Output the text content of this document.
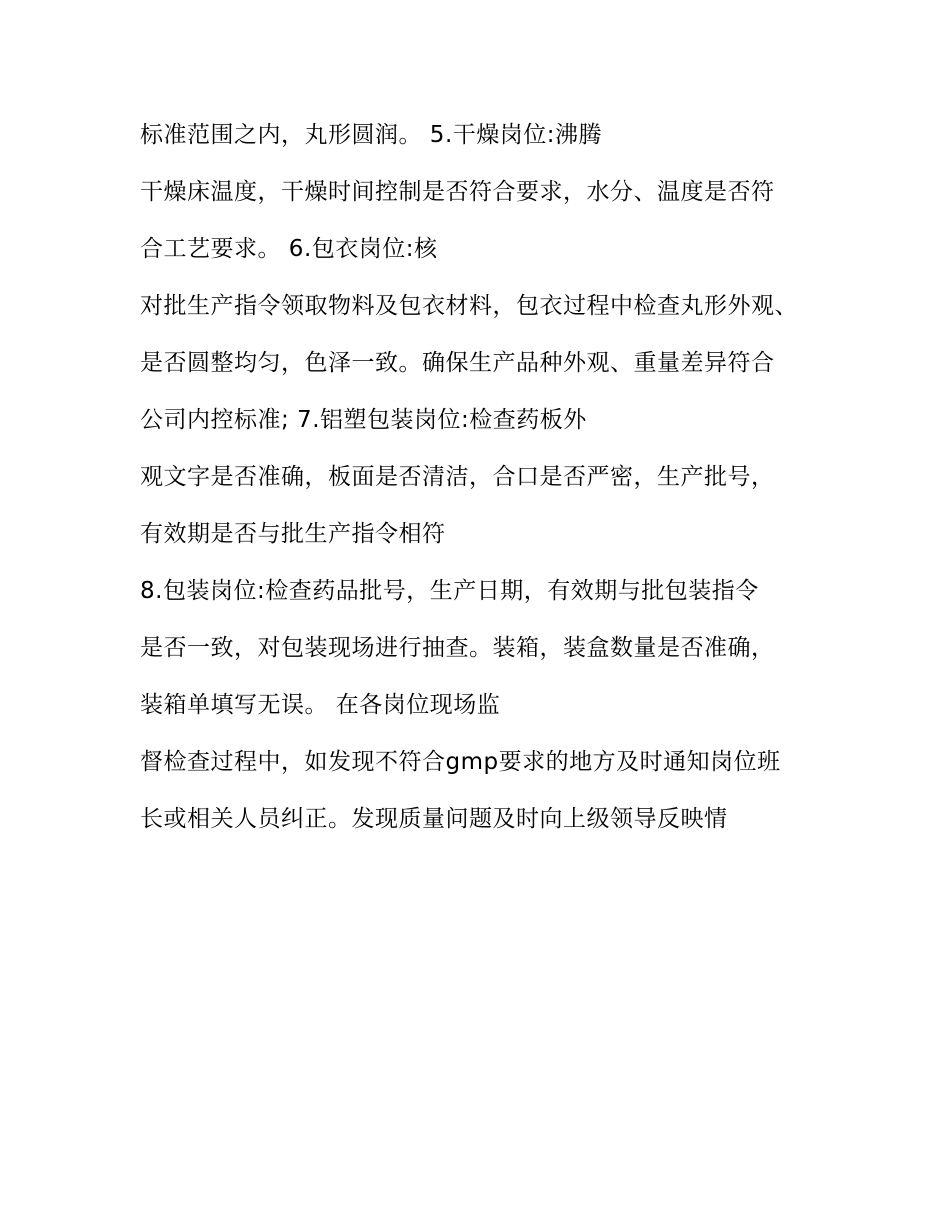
标准范围之内，丸形圆润。 5.干燥岗位:沸腾

干燥床温度，干燥时间控制是否符合要求，水分、温度是否符

合工艺要求。 6.包衣岗位:核

对批生产指令领取物料及包衣材料，包衣过程中检查丸形外观、

是否圆整均匀，色泽一致。确保生产品种外观、重量差异符合

公司内控标准; 7.铝塑包装岗位:检查药板外

观文字是否准确，板面是否清洁，合口是否严密，生产批号，

有效期是否与批生产指令相符

8.包装岗位:检查药品批号，生产日期，有效期与批包装指令

是否一致，对包装现场进行抽查。装箱，装盒数量是否准确，

装箱单填写无误。 在各岗位现场监

督检查过程中，如发现不符合gmp要求的地方及时通知岗位班

长或相关人员纠正。发现质量问题及时向上级领导反映情
